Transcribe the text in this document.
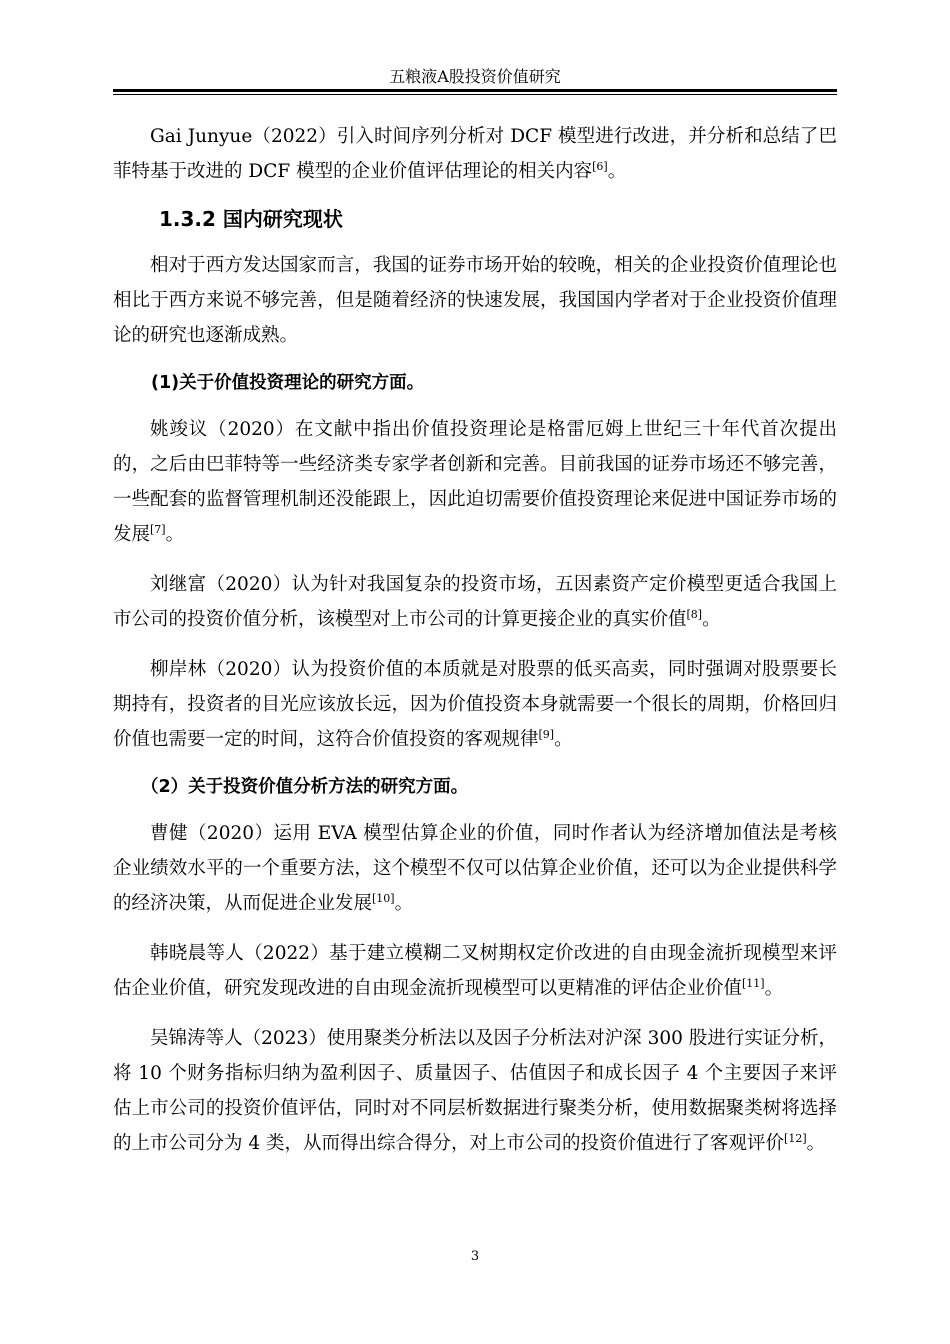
五粮液A股投资价值研究

Gai Junyue（2022）引入时间序列分析对 DCF 模型进行改进，并分析和总结了巴菲特基于改进的 DCF 模型的企业价值评估理论的相关内容[6]。

1.3.2 国内研究现状

相对于西方发达国家而言，我国的证券市场开始的较晚，相关的企业投资价值理论也相比于西方来说不够完善，但是随着经济的快速发展，我国国内学者对于企业投资价值理论的研究也逐渐成熟。

(1)关于价值投资理论的研究方面。

姚竣议（2020）在文献中指出价值投资理论是格雷厄姆上世纪三十年代首次提出的，之后由巴菲特等一些经济类专家学者创新和完善。目前我国的证券市场还不够完善，一些配套的监督管理机制还没能跟上，因此迫切需要价值投资理论来促进中国证券市场的发展[7]。

刘继富（2020）认为针对我国复杂的投资市场，五因素资产定价模型更适合我国上市公司的投资价值分析，该模型对上市公司的计算更接企业的真实价值[8]。

柳岸林（2020）认为投资价值的本质就是对股票的低买高卖，同时强调对股票要长期持有，投资者的目光应该放长远，因为价值投资本身就需要一个很长的周期，价格回归价值也需要一定的时间，这符合价值投资的客观规律[9]。

（2）关于投资价值分析方法的研究方面。

曹健（2020）运用 EVA 模型估算企业的价值，同时作者认为经济增加值法是考核企业绩效水平的一个重要方法，这个模型不仅可以估算企业价值，还可以为企业提供科学的经济决策，从而促进企业发展[10]。

韩晓晨等人（2022）基于建立模糊二叉树期权定价改进的自由现金流折现模型来评估企业价值，研究发现改进的自由现金流折现模型可以更精准的评估企业价值[11]。

吴锦涛等人（2023）使用聚类分析法以及因子分析法对沪深 300 股进行实证分析，将 10 个财务指标归纳为盈利因子、质量因子、估值因子和成长因子 4 个主要因子来评估上市公司的投资价值评估，同时对不同层析数据进行聚类分析，使用数据聚类树将选择的上市公司分为 4 类，从而得出综合得分，对上市公司的投资价值进行了客观评价[12]。

3
